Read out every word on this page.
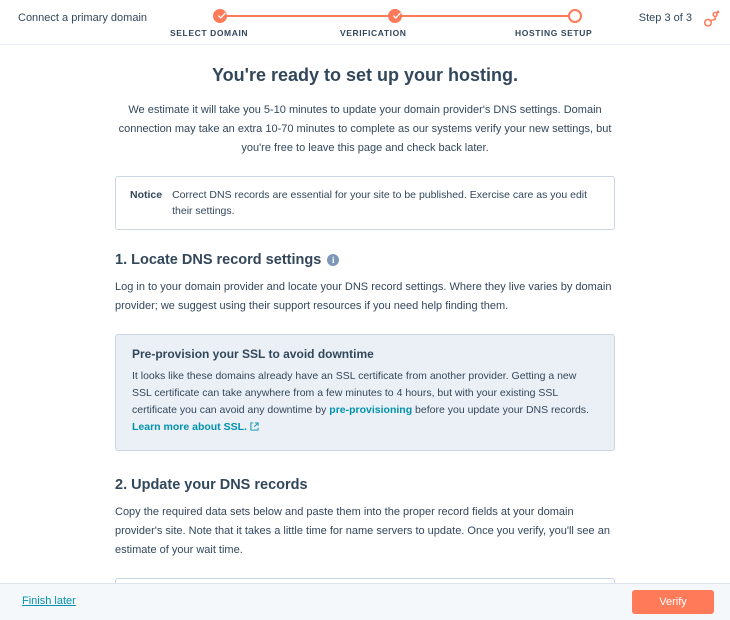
Connect a primary domain
SELECT DOMAIN	VERIFICATION	HOSTING SETUP
Step 3 of 3
You're ready to set up your hosting.

We estimate it will take you 5-10 minutes to update your domain provider's DNS settings. Domain connection may take an extra 10-70 minutes to complete as our systems verify your new settings, but you're free to leave this page and check back later.

Notice Correct DNS records are essential for your site to be published. Exercise care as you edit their settings.
1. Locate DNS record settings	i

Log in to your domain provider and locate your DNS record settings. Where they live varies by domain provider; we suggest using their support resources if you need help finding them.

Pre-provision your SSL to avoid downtime

It looks like these domains already have an SSL certificate from another provider. Getting a new SSL certificate can take anywhere from a few minutes to 4 hours, but with your existing SSL certificate you can avoid any downtime by pre-provisioning before you update your DNS records. Learn more about SSL.

2. Update your DNS records

Copy the required data sets below and paste them into the proper record fields at your domain provider's site. Note that it takes a little time for name servers to update. Once you verify, you'll see an estimate of your wait time.

Finish later	Verify
